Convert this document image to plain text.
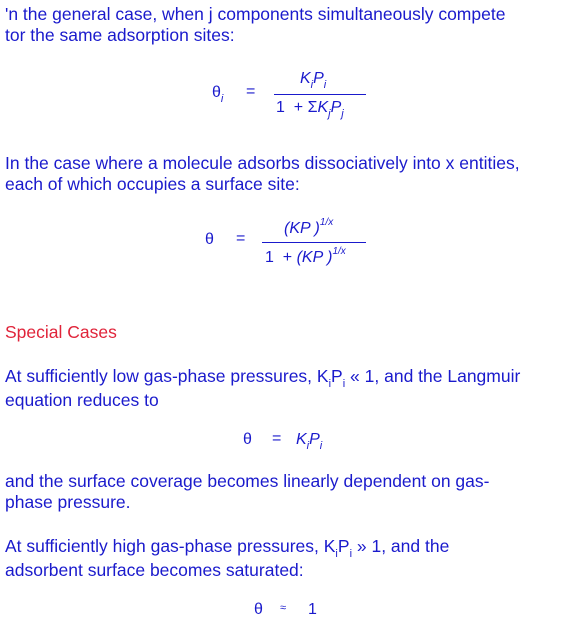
'n the general case, when j components simultaneously compete
tor the same adsorption sites:

$\theta_i$ =
$K_iP_i$
$1 + \Sigma K_jP_j$

In the case where a molecule adsorbs dissociatively into x entities,
each of which occupies a surface site:

θ =
(KP )$^{1/x}$
1 + (KP )$^{1/x}$

Special Cases

At sufficiently low gas-phase pressures, $K_iP_i$ « 1, and the Langmuir
equation reduces to

$\theta = K_iP_i$

and the surface coverage becomes linearly dependent on gas-
phase pressure.

At sufficiently high gas-phase pressures, $K_iP_i$ » 1, and the
adsorbent surface becomes saturated:

θ ≈ 1
